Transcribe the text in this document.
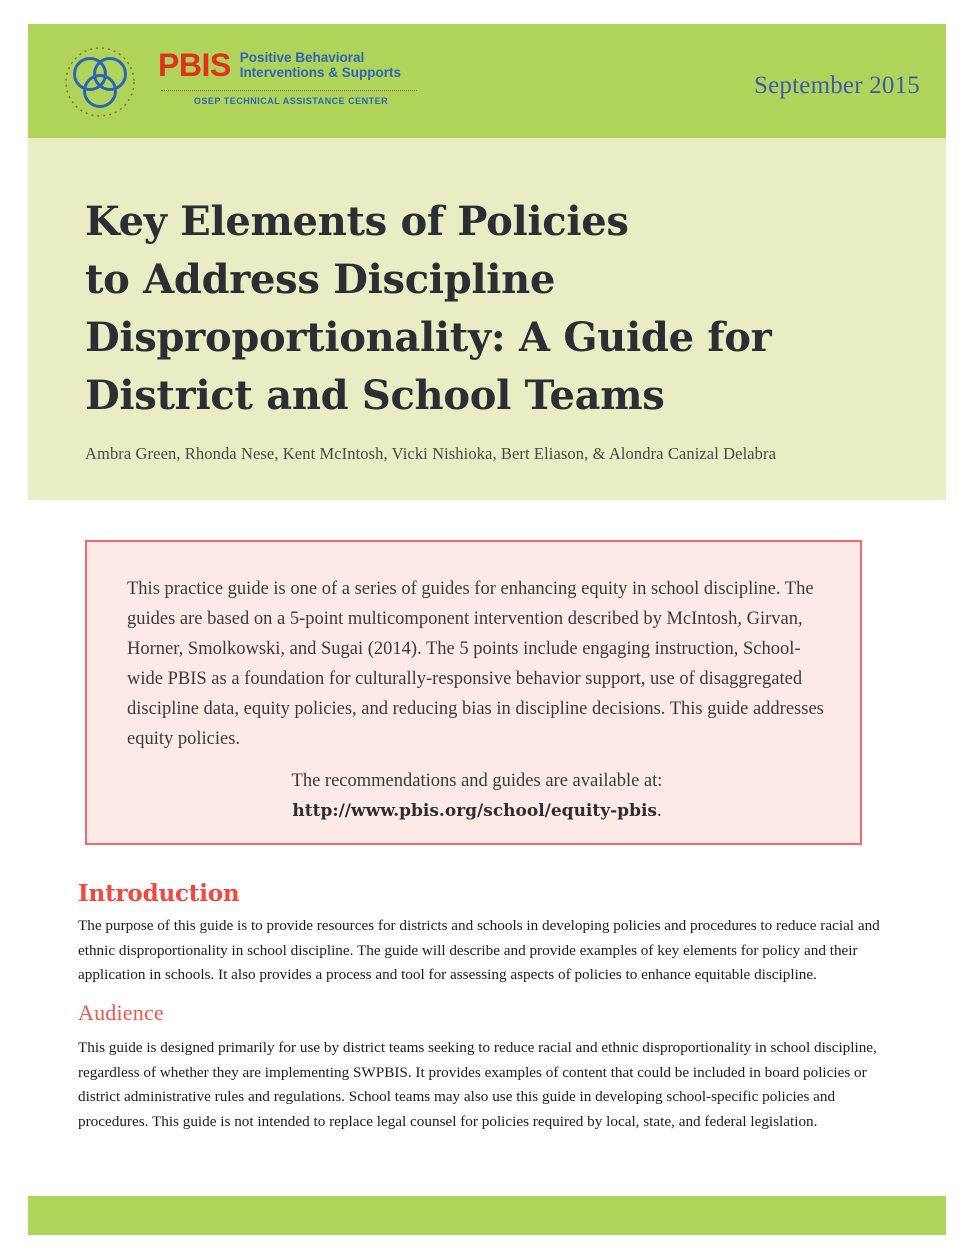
PBIS Positive Behavioral
Interventions & Supports
OSEP TECHNICAL ASSISTANCE CENTER
September 2015
Key Elements of Policies
to Address Discipline
Disproportionality: A Guide for
District and School Teams
Ambra Green, Rhonda Nese, Kent McIntosh, Vicki Nishioka, Bert Eliason, & Alondra Canizal Delabra
This practice guide is one of a series of guides for enhancing equity in school discipline. The guides are based on a 5-point multicomponent intervention described by McIntosh, Girvan, Horner, Smolkowski, and Sugai (2014). The 5 points include engaging instruction, School-wide PBIS as a foundation for culturally-responsive behavior support, use of disaggregated discipline data, equity policies, and reducing bias in discipline decisions. This guide addresses equity policies.
The recommendations and guides are available at:
http://www.pbis.org/school/equity-pbis.
Introduction

The purpose of this guide is to provide resources for districts and schools in developing policies and procedures to reduce racial and ethnic disproportionality in school discipline. The guide will describe and provide examples of key elements for policy and their application in schools. It also provides a process and tool for assessing aspects of policies to enhance equitable discipline.

Audience

This guide is designed primarily for use by district teams seeking to reduce racial and ethnic disproportionality in school discipline, regardless of whether they are implementing SWPBIS. It provides examples of content that could be included in board policies or district administrative rules and regulations. School teams may also use this guide in developing school-specific policies and procedures. This guide is not intended to replace legal counsel for policies required by local, state, and federal legislation.
